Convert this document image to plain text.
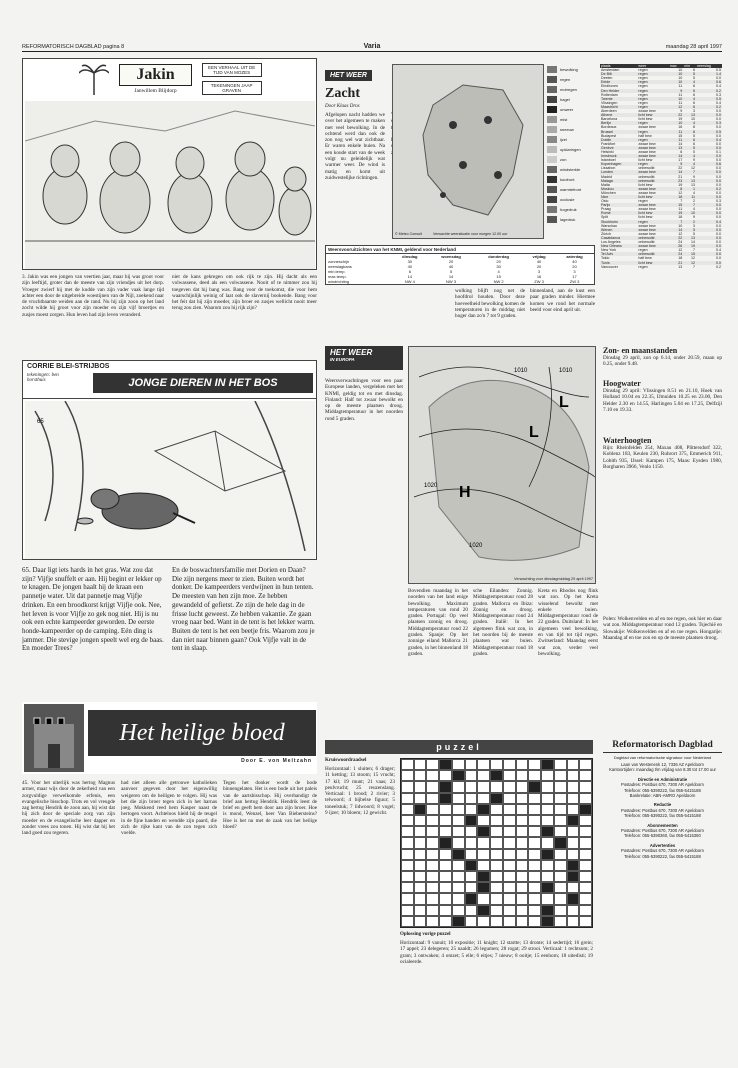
REFORMATORISCH DAGBLAD pagina 8	Varia	maandag 28 april 1997
Jakin
Janwillem Blijdorp
EEN VERHAAL UIT DE TIJD VAN MOZES
TEKENINGEN JAAP GRAVEN
3. Jakin was een jongen van veertien jaar, maar hij was groot voor zijn leeftijd, groter dan de meeste van zijn vriendjes uit het dorp. Vroeger zwierf hij met de kudde van zijn vader vaak lange tijd achter een door de uitgebreide woestijnen van de Nijl, zoekend naar de vruchtbaarste weiden aan de rand. Nu hij zijn zoon op het land zocht wilde hij groot voor zijn moeder en zijn vijf broertjes en zusjes moest zorgen. Hun leven had zijn leven veranderd.
niet de kans gekregen om ook rijk te zijn. Hij dacht als een volwassene, deed als een volwassene. Nooit of te nimmer zou hij toegeven dat hij bang was. Bang voor de toekomst, die voor hem waarschijnlijk weinig of laat ook de slavernij bookende. Bang voor het feit dat hij zijn moeder, zijn broer en zusjes wellicht nooit meer terug zou zien. Waarom zou hij rijk zijn?
CORRIE BLEI-STRIJBOS
tekeningen: ben horsthuis	JONGE DIEREN IN HET BOS
65
65. Daar ligt iets hards in het gras. Wat zou dat zijn? Vijfje snuffelt er aan. Hij begint er lekker op te knagen. De jongen haalt hij de kraan een pannetje water. Uit dat pannetje mag Vijfje drinken. En een broodkorst krijgt Vijfje ook. Nee, het leven is voor Vijfje zo gek nog niet. Hij is nu ook een echte kampeerder geworden. De eerste honde-kampeerder op de camping. Eén ding is jammer. Die stevige jongen speelt wel erg de baas. En moeder Trees?
En de boswachtersfamilie met Dorien en Daan? Die zijn nergens meer te zien. Buiten wordt het donker. De kampeerders verdwijnen in hun tenten. De meesten van hen zijn moe. Ze hebben gewandeld of gefietst. Ze zijn de hele dag in de frisse lucht geweest. Ze hebben vakantie. Ze gaan vroeg naar bed. Want in de tent is het lekker warm. Buiten de tent is het een beetje fris. Waarom zou je dan niet naar binnen gaan? Ook Vijfje valt in de tent in slaap.
Het heilige bloed
Door E. von Meltzahn
45. Voor het uiterlijk was hertog Magnus armer, maar wijs door de zekerheid van een zorgvuldige verwelkomde erfenis, een evangelische bisschop. Trots en vol vreugde zag hertog Hendrik de zoon aan, hij wist dat hij zich door de speciale zorg van zijn moeder en de evangelische leer dapper en zonder vrees zou tonen. Hij wist dat hij het land goed zou regeren.
had niet alleen alle getrouwe katholieken aanvoer gegeven door het eigenwillig weigeren om de heiligen te volgen. Hij was het die zijn broer tegen zich in het harnas joeg. Mokkend reed hem Kasper naast de hertogen voort. Achteloos hield hij de teugel in de fijne handen en wendde zijn paard, die zich de rijke kant van de zon tegen zich voelde.
Tegen het donker wordt de bode binnengelaten. Het is een bode uit het paleis van de aartsbisschop. Hij overhandigt de brief aan hertog Hendrik. Hendrik leest de brief en geeft hem door aan zijn broer. Hoe is mond, Wenzel, heer Van Biebersteins? Hoe is het nu met de zaak van het heilige bloed?
HET WEER
Zacht
Door Klaas Dros
Afgelopen nacht hadden we over het algemeen te maken met veel bewolking. In de ochtend werd dan ook de zon nog wel wat zichtbaar. Er waren enkele buien. Na een koude start van de week volgt nu geleidelijk wat warmer weer. De wind is matig en komt uit zuidwestelijke richtingen.
© Meteo Consult	Verwachte weersituatie voor morgen 12.00 uur
bewolking
regen
motregen
hagel
onweer
mist
sneeuw
ijzel
opklaringen
zon
windsterkte
koufront
warmtefront
occlusie
hogedruk
lagedruk
plaats	weer	max	min	neerslag
Amsterdam	regen	10	6	0.5
De Bilt	regen	10	5	1.4
Deelen	regen	10	5	0.0
Eelde	regen	10	4	0.6
Eindhoven	regen	11	6	0.4
Den Helder	regen	9	5	0.2
Rotterdam	regen	11	6	0.3
Twente	regen	10	4	0.5
Vlissingen	regen	11	6	0.4
Maastricht	regen	12	6	0.2
Aberdeen	zwaar bew	9	3	0.0
Athene	licht bew	22	13	0.0
Barcelona	licht bew	19	10	0.0
Berlijn	regen	10	4	0.3
Bordeaux	zwaar bew	16	8	0.0
Brussel	regen	11	6	0.5
Budapest	half bew	15	5	0.0
Dublin	regen	11	6	0.4
Frankfort	zwaar bew	14	6	0.0
Genève	zwaar bew	13	5	0.0
Helsinki	zwaar bew	6	0	0.1
Innsbruck	zwaar bew	14	4	0.0
Istanboel	licht bew	17	9	0.0
Kopenhagen	regen	9	4	0.6
Lissabon	onbewolkt	22	12	0.0
Londen	zwaar bew	14	7	0.0
Madrid	onbewolkt	21	9	0.0
Malaga	onbewolkt	23	13	0.0
Malta	licht bew	19	13	0.0
Moskou	zwaar bew	8	1	0.2
München	zwaar bew	12	4	0.0
Nice	licht bew	18	11	0.0
Oslo	regen	7	2	0.3
Parijs	zwaar bew	15	7	0.0
Praag	zwaar bew	11	4	0.0
Rome	licht bew	19	10	0.0
Split	licht bew	18	9	0.0
Stockholm	regen	7	2	0.4
Warschau	zwaar bew	10	3	0.0
Wenen	zwaar bew	14	5	0.0
Zürich	zwaar bew	12	5	0.0
Casablanca	onbewolkt	22	13	0.0
Los Angeles	onbewolkt	24	14	0.0
New Orleans	zwaar bew	26	19	0.0
New York	regen	12	7	0.4
Tel Aviv	onbewolkt	24	15	0.0
Tokio	half bew	18	12	0.0
Tunis	licht bew	21	12	0.0
Vancouver	regen	13	7	0.2
Weersvooruitzichten van het KNMI, geldend voor Nederland
	dinsdag	woensdag	donderdag	vrijdag	zaterdag
zonneschijn	30	20	20	40	40
neerslagkans	40	40	30	20	20
min.temp.	6	5	4	3	3
max.temp.	14	14	15	16	17
windrichting	NW 4	NW 3	NW 2	ZW 3	ZW 3
wolking blijft nog net de hoofdrol houden. Door deze hoeveelheid bewolking komen de temperaturen in de middag niet hoger dan zo'n 7 tot 9 graden.
binnenland, aan de kust een paar graden minder. Hiermee komen we rond het normale beeld voor eind april uit.
HET WEER
IN EUROPA
Weersverwachtingen voor een paar Europese landen, vergeleken met het KNMI, geldig tot en met dinsdag. Finland: Half tot zwaar bewolkt en op de meeste plaatsen droog. Middagtemperatuur in het noorden rond 5 graden.
H
L
L
1010	1010
1020
1020
Verwachting voor dinsdagmiddag 29 april 1997
Bovendien maandag in het noorden van het land enige bewolking. Maximum temperaturen van rond 20 graden. Portugal: Op veel plaatsen zonnig en droog. Middagtemperatuur rond 22 graden. Spanje: Op het zonnige eiland Mallorca 21 graden, in het binnenland 18 graden.
sche Eilanden: Zonnig. Middagtemperatuur rond 28 graden. Mallorca en Ibiza: Zonnig en droog. Middagtemperatuur rond 24 graden. Italië: In het algemeen flink wat zon, in het noorden bij de meeste plaatsen wat buien. Middagtemperatuur rond 18 graden.
Kreta en Rhodos nog flink wat zon. Op het Kreta wisselend bewolkt met enkele buien. Middagtemperatuur rond de 22 graden. Duitsland: In het algemeen veel bewolking, en van tijd tot tijd regen. Zwitserland: Maandag eerst wat zon, verder veel bewolking.
Polen: Wolkenvelden en af en toe regen, ook hier en daar wat zon. Middagtemperatuur rond 12 graden. Tsjechië en Slowakije: Wolkenvelden en af en toe regen. Hongarije: Maandag af en toe zon en op de meeste plaatsen droog.
Zon- en maanstanden
Dinsdag 29 april, zon op 6.14, onder 20.59, maan op 0.25, onder 9.48.
Hoogwater
Dinsdag 29 april: Vlissingen 8.51 en 21.10, Hoek van Holland 10.04 en 22.35, IJmuiden 10.25 en 23.00, Den Helder 2.30 en 14.55, Harlingen 5.04 en 17.25, Delfzijl 7.10 en 19.33.
Waterhoogten
Rijn: Rheinfelden 254, Maxau 408, Plittersdorf 322, Koblenz 183, Keulen 230, Ruhrort 375, Emmerich 911, Lobith 935, IJssel: Kampen 175, Maas: Eysden 1980, Borgharen 3966, Venlo 1150.
puzzel
Kruiswoordraadsel
Horizontaal: 1 sluiten; 6 drager; 11 ketting; 13 stoom; 15 vrucht; 17 kil; 19 munt; 21 vaas; 23 peulvrucht; 25 reuzenslang. Verticaal: 1 brood; 2 rivier; 3 telwoord; 4 bijbelse figuur; 5 toneelstuk; 7 lidwoord; 8 vogel; 9 ijzer; 10 bloem; 12 gewicht.
Oplossing vorige puzzel
Horizontaal: 9 vanuit; 10 expositie; 11 knight; 12 startte; 13 dronte; 14 sedertijd; 16 grein; 17 appel; 23 delegeren; 25 naaldt; 26 legumen; 28 rogat; 29 strooi. Verticaal: 1 rechtsom; 2 gram; 3 ontwaken; 4 omzet; 5 elle; 6 eitjes; 7 nieuw; 8 ooitje; 15 eenhorn; 18 uitedisti; 19 ocialeerde.
Reformatorisch Dagblad
Dagblad van reformatorische signatuur voor Nederland
Laan van Westenenk 12, 7336 AZ Apeldoorn
Kantoortijden: maandag t/m vrijdag van 8.30 tot 17.00 uur
Directie en Administratie
Postadres: Postbus 670, 7300 AR Apeldoorn
Telefoon: 055-5390222, fax 055-5415188
Bankrelatie: ABN-AMRO Apeldoorn
Redactie
Postadres: Postbus 670, 7300 AR Apeldoorn
Telefoon: 055-5390222, fax 055-5415188
Abonnementen
Postadres: Postbus 670, 7300 AR Apeldoorn
Telefoon: 055-5390360, fax 055-5415360
Advertenties
Postadres: Postbus 670, 7300 AR Apeldoorn
Telefoon: 055-5390222, fax 055-5415188
